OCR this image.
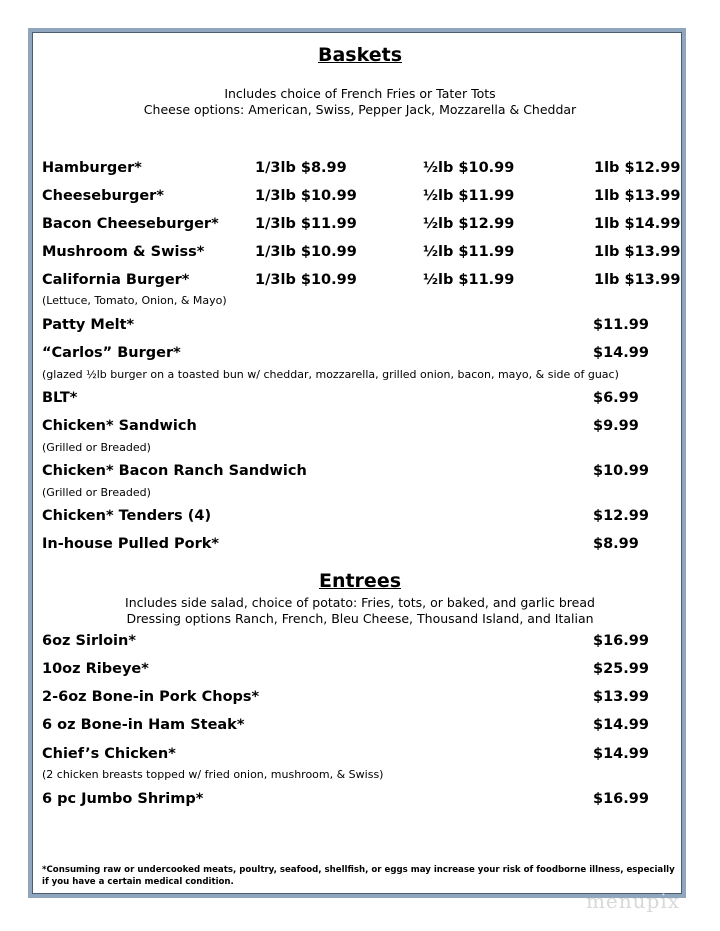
Baskets
Includes choice of French Fries or Tater Tots
Cheese options: American, Swiss, Pepper Jack, Mozzarella & Cheddar
Hamburger*	1/3lb $8.99	½lb $10.99	1lb $12.99
Cheeseburger*	1/3lb $10.99	½lb $11.99	1lb $13.99
Bacon Cheeseburger*	1/3lb $11.99	½lb $12.99	1lb $14.99
Mushroom & Swiss*	1/3lb $10.99	½lb $11.99	1lb $13.99
California Burger*	1/3lb $10.99	½lb $11.99	1lb $13.99
(Lettuce, Tomato, Onion, & Mayo)
Patty Melt*	$11.99
“Carlos” Burger*	$14.99
(glazed ½lb burger on a toasted bun w/ cheddar, mozzarella, grilled onion, bacon, mayo, & side of guac)
BLT*	$6.99
Chicken* Sandwich	$9.99
(Grilled or Breaded)
Chicken* Bacon Ranch Sandwich	$10.99
(Grilled or Breaded)
Chicken* Tenders (4)	$12.99
In-house Pulled Pork*	$8.99
Entrees
Includes side salad, choice of potato: Fries, tots, or baked, and garlic bread
Dressing options Ranch, French, Bleu Cheese, Thousand Island, and Italian
6oz Sirloin*	$16.99
10oz Ribeye*	$25.99
2-6oz Bone-in Pork Chops*	$13.99
6 oz Bone-in Ham Steak*	$14.99
Chief’s Chicken*	$14.99
(2 chicken breasts topped w/ fried onion, mushroom, & Swiss)
6 pc Jumbo Shrimp*	$16.99
*Consuming raw or undercooked meats, poultry, seafood, shellfish, or eggs may increase your risk of foodborne illness, especially if you have a certain medical condition.
menupix
